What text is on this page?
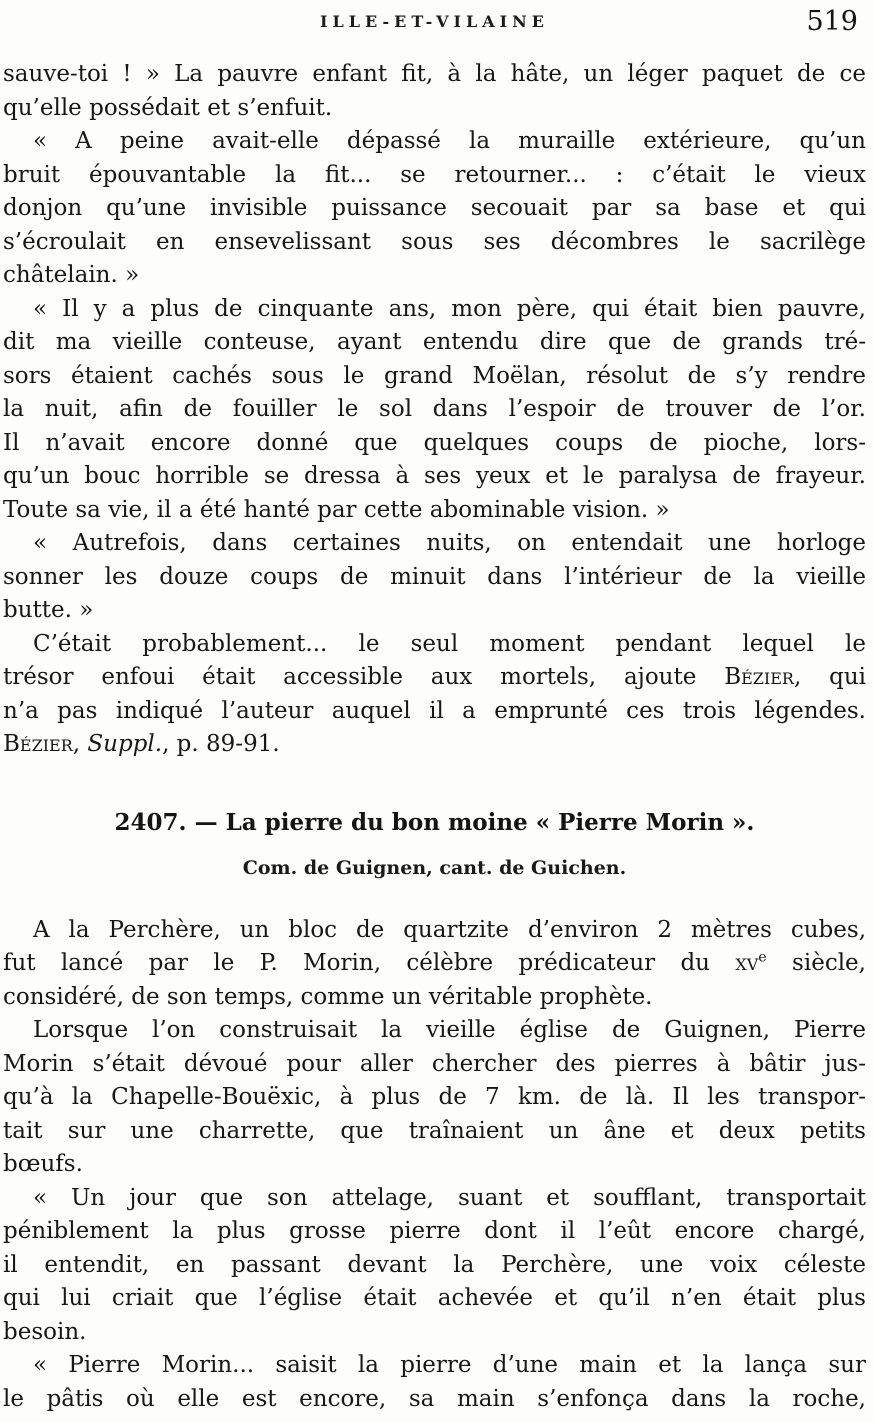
ILLE-ET-VILAINE	519
sauve-toi ! » La pauvre enfant fit, à la hâte, un léger paquet de ce
qu’elle possédait et s’enfuit.
« A peine avait-elle dépassé la muraille extérieure, qu’un
bruit épouvantable la fit... se retourner... : c’était le vieux
donjon qu’une invisible puissance secouait par sa base et qui
s’écroulait en ensevelissant sous ses décombres le sacrilège
châtelain. »
« Il y a plus de cinquante ans, mon père, qui était bien pauvre,
dit ma vieille conteuse, ayant entendu dire que de grands tré-
sors étaient cachés sous le grand Moëlan, résolut de s’y rendre
la nuit, afin de fouiller le sol dans l’espoir de trouver de l’or.
Il n’avait encore donné que quelques coups de pioche, lors-
qu’un bouc horrible se dressa à ses yeux et le paralysa de frayeur.
Toute sa vie, il a été hanté par cette abominable vision. »
« Autrefois, dans certaines nuits, on entendait une horloge
sonner les douze coups de minuit dans l’intérieur de la vieille
butte. »
C’était probablement... le seul moment pendant lequel le
trésor enfoui était accessible aux mortels, ajoute Bézier, qui
n’a pas indiqué l’auteur auquel il a emprunté ces trois légendes.
Bézier, Suppl., p. 89-91.
2407. — La pierre du bon moine « Pierre Morin ».
Com. de Guignen, cant. de Guichen.
A la Perchère, un bloc de quartzite d’environ 2 mètres cubes,
fut lancé par le P. Morin, célèbre prédicateur du $xv^e$ siècle,
considéré, de son temps, comme un véritable prophète.
Lorsque l’on construisait la vieille église de Guignen, Pierre
Morin s’était dévoué pour aller chercher des pierres à bâtir jus-
qu’à la Chapelle-Bouëxic, à plus de 7 km. de là. Il les transpor-
tait sur une charrette, que traînaient un âne et deux petits
bœufs.
« Un jour que son attelage, suant et soufflant, transportait
péniblement la plus grosse pierre dont il l’eût encore chargé,
il entendit, en passant devant la Perchère, une voix céleste
qui lui criait que l’église était achevée et qu’il n’en était plus
besoin.
« Pierre Morin... saisit la pierre d’une main et la lança sur
le pâtis où elle est encore, sa main s’enfonça dans la roche,
